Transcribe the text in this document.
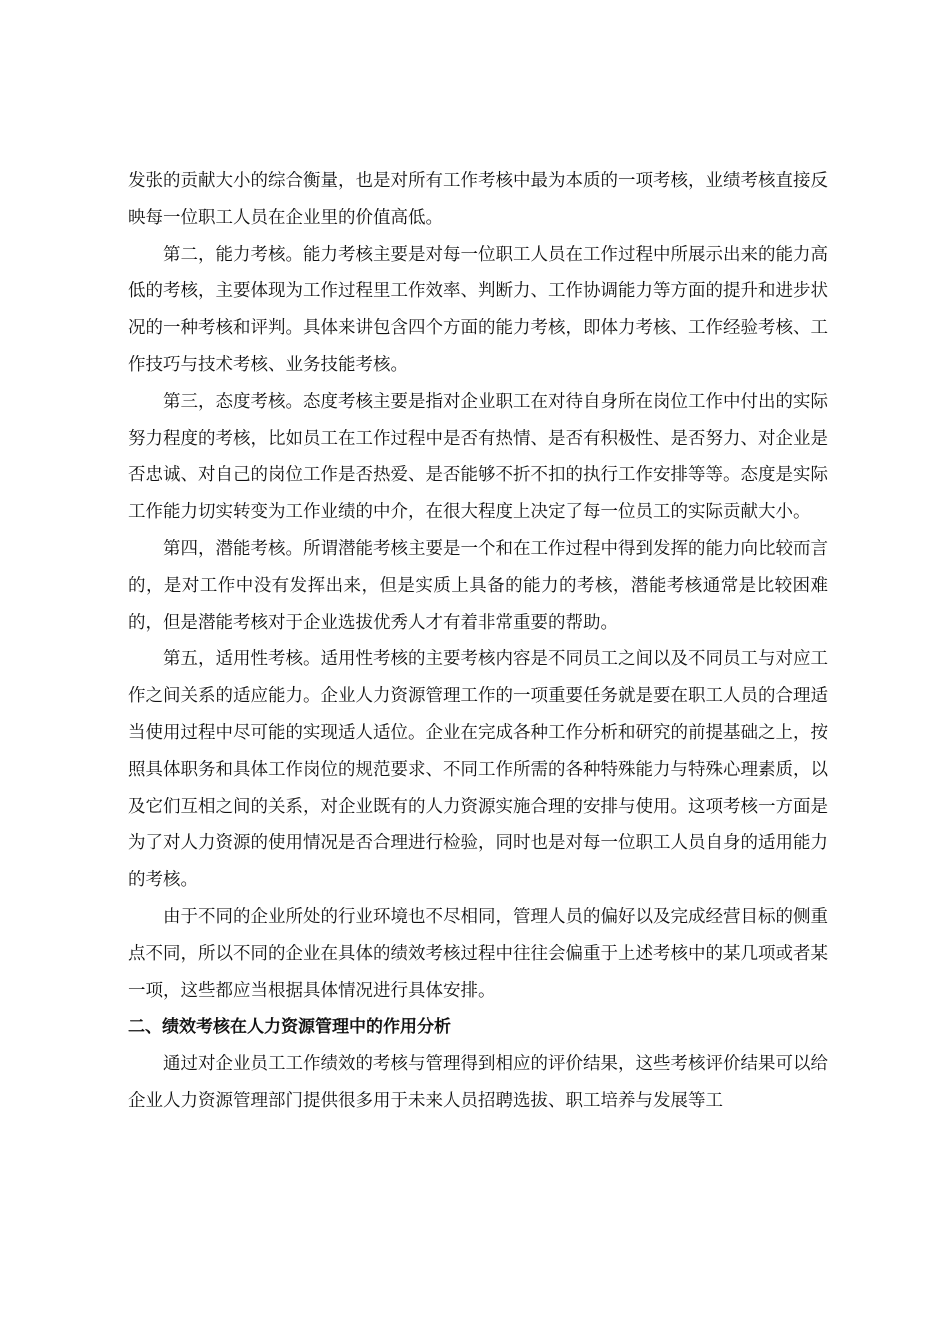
发张的贡献大小的综合衡量，也是对所有工作考核中最为本质的一项考核，业绩考核直接反映每一位职工人员在企业里的价值高低。

第二，能力考核。能力考核主要是对每一位职工人员在工作过程中所展示出来的能力高低的考核，主要体现为工作过程里工作效率、判断力、工作协调能力等方面的提升和进步状况的一种考核和评判。具体来讲包含四个方面的能力考核，即体力考核、工作经验考核、工作技巧与技术考核、业务技能考核。

第三，态度考核。态度考核主要是指对企业职工在对待自身所在岗位工作中付出的实际努力程度的考核，比如员工在工作过程中是否有热情、是否有积极性、是否努力、对企业是否忠诚、对自己的岗位工作是否热爱、是否能够不折不扣的执行工作安排等等。态度是实际工作能力切实转变为工作业绩的中介，在很大程度上决定了每一位员工的实际贡献大小。

第四，潜能考核。所谓潜能考核主要是一个和在工作过程中得到发挥的能力向比较而言的，是对工作中没有发挥出来，但是实质上具备的能力的考核，潜能考核通常是比较困难的，但是潜能考核对于企业选拔优秀人才有着非常重要的帮助。

第五，适用性考核。适用性考核的主要考核内容是不同员工之间以及不同员工与对应工作之间关系的适应能力。企业人力资源管理工作的一项重要任务就是要在职工人员的合理适当使用过程中尽可能的实现适人适位。企业在完成各种工作分析和研究的前提基础之上，按照具体职务和具体工作岗位的规范要求、不同工作所需的各种特殊能力与特殊心理素质，以及它们互相之间的关系，对企业既有的人力资源实施合理的安排与使用。这项考核一方面是为了对人力资源的使用情况是否合理进行检验，同时也是对每一位职工人员自身的适用能力的考核。

由于不同的企业所处的行业环境也不尽相同，管理人员的偏好以及完成经营目标的侧重点不同，所以不同的企业在具体的绩效考核过程中往往会偏重于上述考核中的某几项或者某一项，这些都应当根据具体情况进行具体安排。

二、绩效考核在人力资源管理中的作用分析

通过对企业员工工作绩效的考核与管理得到相应的评价结果，这些考核评价结果可以给企业人力资源管理部门提供很多用于未来人员招聘选拔、职工培养与发展等工
